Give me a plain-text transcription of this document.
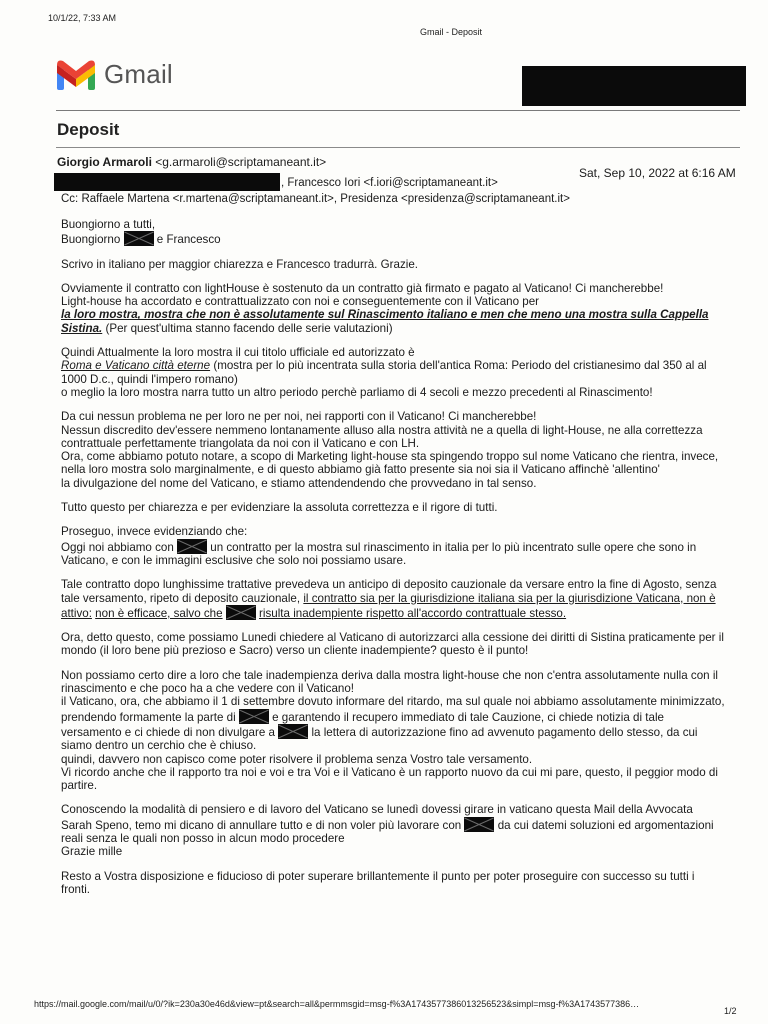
10/1/22, 7:33 AM
Gmail - Deposit
Gmail
Deposit
Giorgio Armaroli <g.armaroli@scriptamaneant.it>
Sat, Sep 10, 2022 at 6:16 AM
, Francesco Iori <f.iori@scriptamaneant.it>
Cc: Raffaele Martena <r.martena@scriptamaneant.it>, Presidenza <presidenza@scriptamaneant.it>

Buongiorno a tutti,
Buongiorno	e Francesco

Scrivo in italiano per maggior chiarezza e Francesco tradurrà. Grazie.

Ovviamente il contratto con lightHouse è sostenuto da un contratto già firmato e pagato al Vaticano! Ci mancherebbe!
Light-house ha accordato e contrattualizzato con noi e conseguentemente con il Vaticano per
la loro mostra, mostra che non è assolutamente sul Rinascimento italiano e men che meno una mostra sulla Cappella Sistina. (Per quest'ultima stanno facendo delle serie valutazioni)

Quindi Attualmente la loro mostra il cui titolo ufficiale ed autorizzato è
Roma e Vaticano città eterne (mostra per lo più incentrata sulla storia dell'antica Roma: Periodo del cristianesimo dal 350 al al 1000 D.c., quindi l'impero romano)
o meglio la loro mostra narra tutto un altro periodo perchè parliamo di 4 secoli e mezzo precedenti al Rinascimento!

Da cui nessun problema ne per loro ne per noi, nei rapporti con il Vaticano! Ci mancherebbe!
Nessun discredito dev'essere nemmeno lontanamente alluso alla nostra attività ne a quella di light-House, ne alla correttezza contrattuale perfettamente triangolata da noi con il Vaticano e con LH.
Ora, come abbiamo potuto notare, a scopo di Marketing light-house sta spingendo troppo sul nome Vaticano che rientra, invece, nella loro mostra solo marginalmente, e di questo abbiamo già fatto presente sia noi sia il Vaticano affinchè 'allentino'
la divulgazione del nome del Vaticano, e stiamo attendendendo che provvedano in tal senso.

Tutto questo per chiarezza e per evidenziare la assoluta correttezza e il rigore di tutti.

Proseguo, invece evidenziando che:
Oggi noi abbiamo con	un contratto per la mostra sul rinascimento in italia per lo più incentrato sulle opere che sono in Vaticano, e con le immagini esclusive che solo noi possiamo usare.

Tale contratto dopo lunghissime trattative prevedeva un anticipo di deposito cauzionale da versare entro la fine di Agosto, senza tale versamento, ripeto di deposito cauzionale, il contratto sia per la giurisdizione italiana sia per la giurisdizione Vaticana, non è attivo: non è efficace, salvo che	risulta inadempiente rispetto all'accordo contrattuale stesso.

Ora, detto questo, come possiamo Lunedi chiedere al Vaticano di autorizzarci alla cessione dei diritti di Sistina praticamente per il mondo (il loro bene più prezioso e Sacro) verso un cliente inadempiente? questo è il punto!

Non possiamo certo dire a loro che tale inadempienza deriva dalla mostra light-house che non c'entra assolutamente nulla con il rinascimento e che poco ha a che vedere con il Vaticano!
il Vaticano, ora, che abbiamo il 1 di settembre dovuto informare del ritardo, ma sul quale noi abbiamo assolutamente minimizzato, prendendo formamente la parte di	e garantendo il recupero immediato di tale Cauzione, ci chiede notizia di tale versamento e ci chiede di non divulgare a	la lettera di autorizzazione fino ad avvenuto pagamento dello stesso, da cui siamo dentro un cerchio che è chiuso.
quindi, davvero non capisco come poter risolvere il problema senza Vostro tale versamento.
Vi ricordo anche che il rapporto tra noi e voi e tra Voi e il Vaticano è un rapporto nuovo da cui mi pare, questo, il peggior modo di partire.

Conoscendo la modalità di pensiero e di lavoro del Vaticano se lunedì dovessi girare in vaticano questa Mail della Avvocata Sarah Speno, temo mi dicano di annullare tutto e di non voler più lavorare con	da cui datemi soluzioni ed argomentazioni reali senza le quali non posso in alcun modo procedere
Grazie mille

Resto a Vostra disposizione e fiducioso di poter superare brillantemente il punto per poter proseguire con successo su tutti i fronti.

https://mail.google.com/mail/u/0/?ik=230a30e46d&view=pt&search=all&permmsgid=msg-f%3A1743577386013256523&simpl=msg-f%3A1743577386…
1/2
